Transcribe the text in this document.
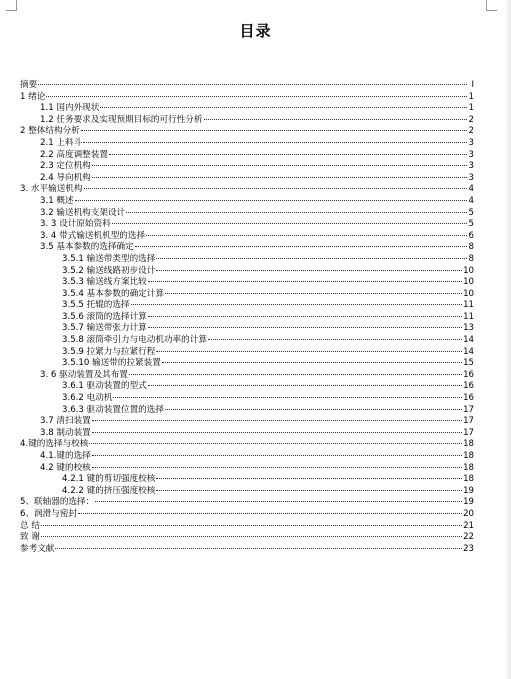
目录
摘要	I
1 绪论	1
1.1 国内外现状	1
1.2 任务要求及实现预期目标的可行性分析	2
2 整体结构分析	2
2.1 上料斗	3
2.2 高度调整装置	3
2.3 定位机构	3
2.4 导向机构	3
3. 水平输送机构	4
3.1 概述	4
3.2 输送机构支架设计	5
3. 3 设计原始资料	5
3. 4 带式输送机机型的选择	6
3.5 基本参数的选择确定	8
3.5.1 输送带类型的选择	8
3.5.2 输送线路初步设计	10
3.5.3 输送线方案比较	10
3.5.4 基本参数的确定计算	10
3.5.5 托辊的选择	11
3.5.6 滚筒的选择计算	11
3.5.7 输送带张力计算	13
3.5.8 滚筒牵引力与电动机功率的计算	14
3.5.9 拉紧力与拉紧行程	14
3.5.10 输送带的拉紧装置	15
3. 6 驱动装置及其布置	16
3.6.1 驱动装置的型式	16
3.6.2 电动机	16
3.6.3 驱动装置位置的选择	17
3.7 清扫装置	17
3.8 制动装置	17
4.键的选择与校核	18
4.1.键的选择	18
4.2 键的校核	18
4.2.1 键的剪切强度校核	18
4.2.2 键的挤压强度校核	19
5、联轴器的选择：	19
6、润滑与密封	20
总 结	21
致 谢	22
参考文献	23
